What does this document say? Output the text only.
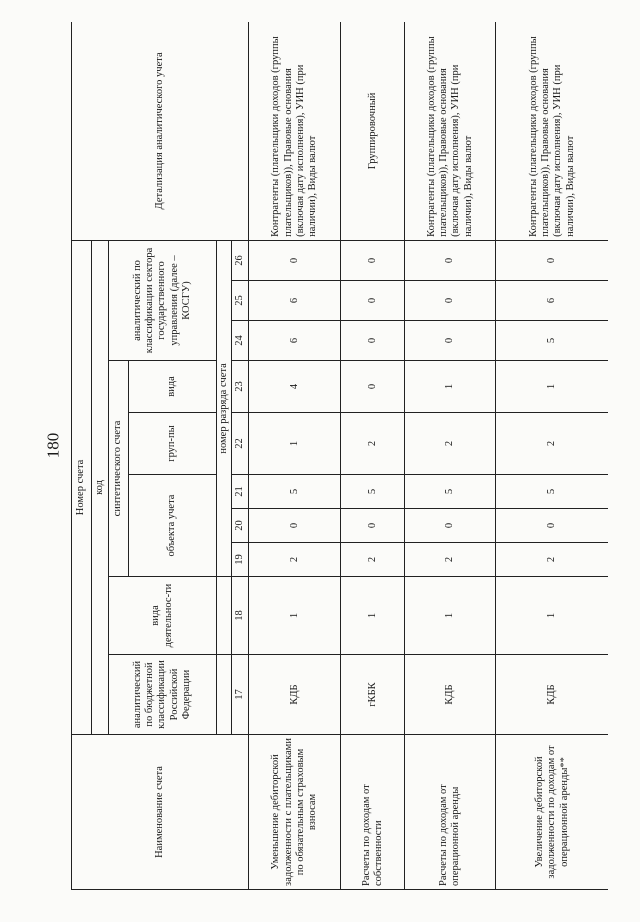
180
Наименование счета	Номер счета										Детализация аналитического учета
	код										
	аналитический по бюджетной классификации Российской Федерации	вида деятельнос-ти	синтетического счета					аналитический по классификации сектора государственного управления (далее – КОСГУ)			
			объекта учета			груп-пы	вида				
			номер разряда счета								
	17	18	19	20	21	22	23	24	25	26	
Уменьшение дебиторской задолженности с плательщиками по обязательным страховым взносам	КДБ	1	2	0	5	1	4	6	6	0	Контрагенты (плательщики доходов (группы плательщиков)), Правовые основания (включая дату исполнения), УИН (при наличии), Виды валют
Расчеты по доходам от собственности	гКБК	1	2	0	5	2	0	0	0	0	Группировочный
Расчеты по доходам от операционной аренды	КДБ	1	2	0	5	2	1	0	0	0	Контрагенты (плательщики доходов (группы плательщиков)), Правовые основания (включая дату исполнения), УИН (при наличии), Виды валют
Увеличение дебиторской задолженности по доходам от операционной аренды**	КДБ	1	2	0	5	2	1	5	6	0	Контрагенты (плательщики доходов (группы плательщиков)), Правовые основания (включая дату исполнения), УИН (при наличии), Виды валют
